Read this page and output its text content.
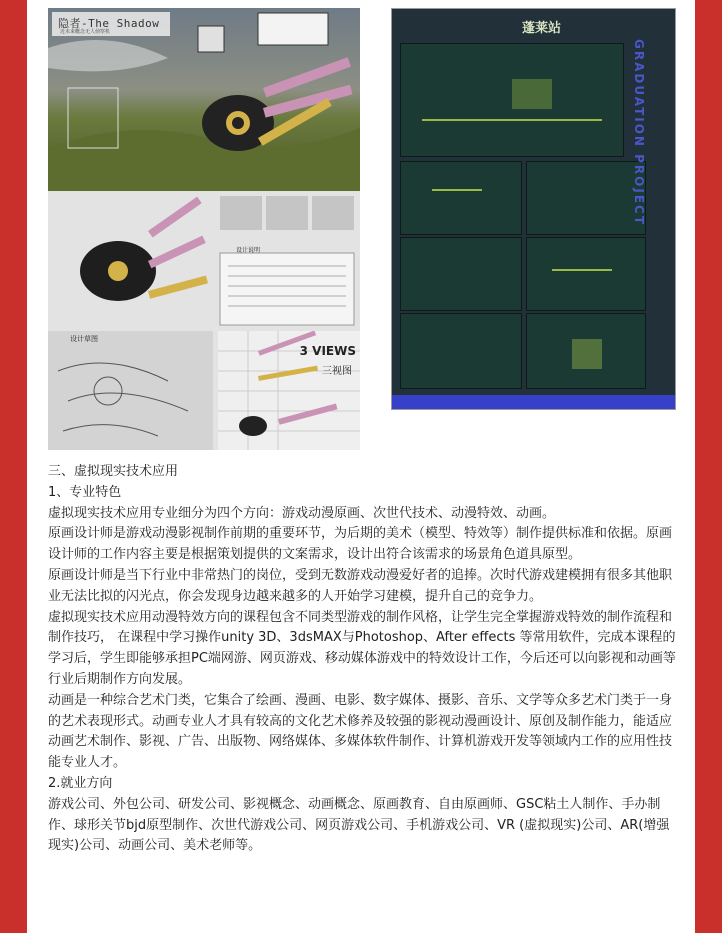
隐者-The Shadow
近未来概念无人侦察机
设计说明
设计草图
3 VIEWS
三视图
蓬莱站
GRADUATION PROJECT

三、虚拟现实技术应用

1、专业特色

虚拟现实技术应用专业细分为四个方向：游戏动漫原画、次世代技术、动漫特效、动画。

原画设计师是游戏动漫影视制作前期的重要环节，为后期的美术（模型、特效等）制作提供标准和依据。原画设计师的工作内容主要是根据策划提供的文案需求，设计出符合该需求的场景角色道具原型。

原画设计师是当下行业中非常热门的岗位，受到无数游戏动漫爱好者的追捧。次时代游戏建模拥有很多其他职业无法比拟的闪光点，你会发现身边越来越多的人开始学习建模，提升自己的竞争力。

虚拟现实技术应用动漫特效方向的课程包含不同类型游戏的制作风格，让学生完全掌握游戏特效的制作流程和制作技巧， 在课程中学习操作unity 3D、3dsMAX与Photoshop、After effects 等常用软件，完成本课程的学习后，学生即能够承担PC端网游、网页游戏、移动媒体游戏中的特效设计工作，今后还可以向影视和动画等行业后期制作方向发展。

动画是一种综合艺术门类，它集合了绘画、漫画、电影、数字媒体、摄影、音乐、文学等众多艺术门类于一身的艺术表现形式。动画专业人才具有较高的文化艺术修养及较强的影视动漫画设计、原创及制作能力，能适应动画艺术制作、影视、广告、出版物、网络媒体、多媒体软件制作、计算机游戏开发等领域内工作的应用性技能专业人才。

2.就业方向

游戏公司、外包公司、研发公司、影视概念、动画概念、原画教育、自由原画师、GSC粘土人制作、手办制作、球形关节bjd原型制作、次世代游戏公司、网页游戏公司、手机游戏公司、VR (虚拟现实)公司、AR(增强现实)公司、动画公司、美术老师等。
